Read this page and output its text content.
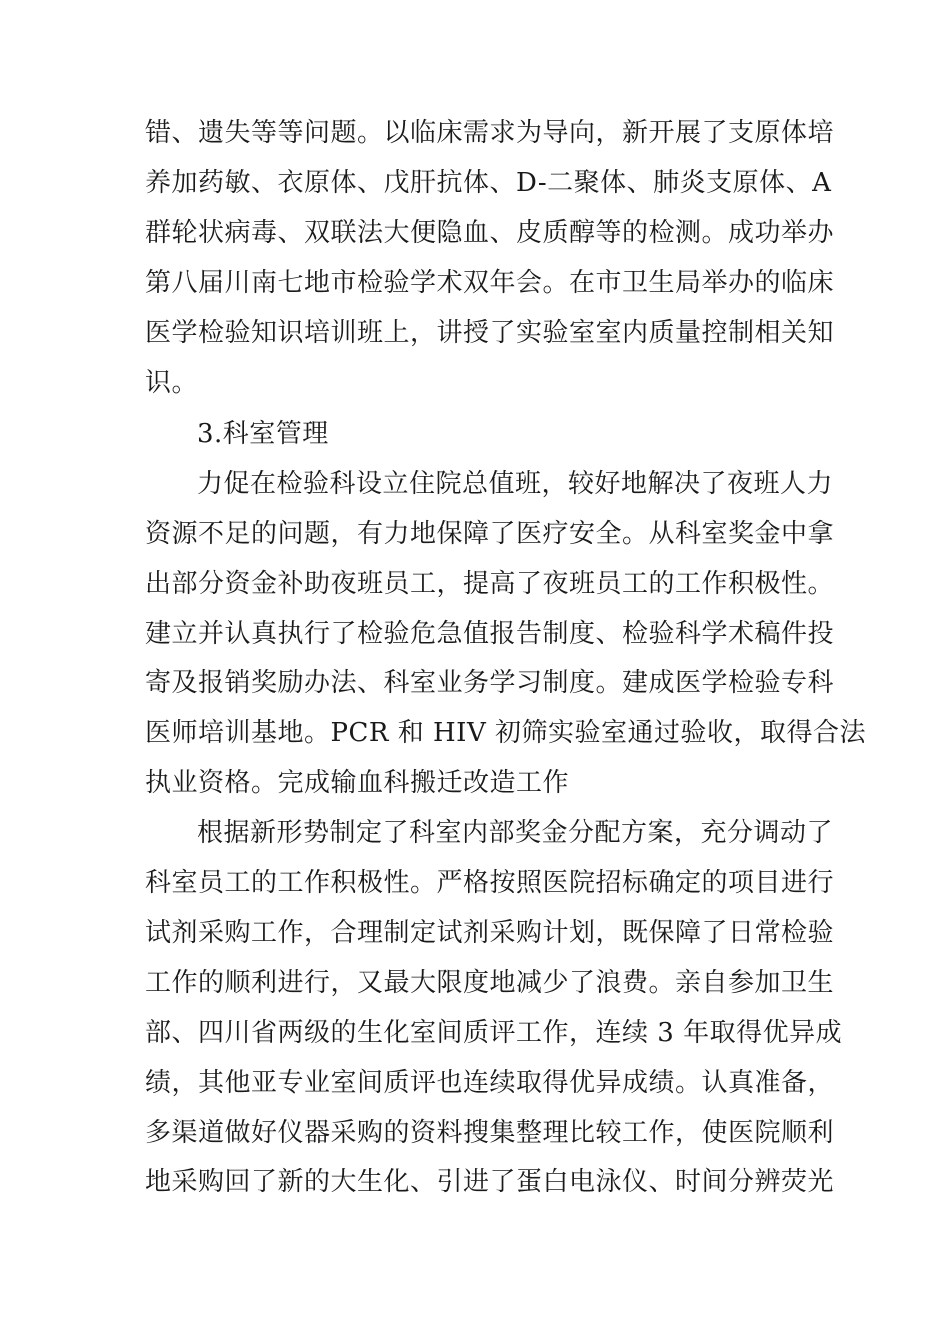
错、遗失等等问题。以临床需求为导向，新开展了支原体培
养加药敏、衣原体、戊肝抗体、D-二聚体、肺炎支原体、A
群轮状病毒、双联法大便隐血、皮质醇等的检测。成功举办
第八届川南七地市检验学术双年会。在市卫生局举办的临床
医学检验知识培训班上，讲授了实验室室内质量控制相关知
识。
3.科室管理
力促在检验科设立住院总值班，较好地解决了夜班人力
资源不足的问题，有力地保障了医疗安全。从科室奖金中拿
出部分资金补助夜班员工，提高了夜班员工的工作积极性。
建立并认真执行了检验危急值报告制度、检验科学术稿件投
寄及报销奖励办法、科室业务学习制度。建成医学检验专科
医师培训基地。PCR 和 HIV 初筛实验室通过验收，取得合法
执业资格。完成输血科搬迁改造工作
根据新形势制定了科室内部奖金分配方案，充分调动了
科室员工的工作积极性。严格按照医院招标确定的项目进行
试剂采购工作，合理制定试剂采购计划，既保障了日常检验
工作的顺利进行，又最大限度地减少了浪费。亲自参加卫生
部、四川省两级的生化室间质评工作，连续 3 年取得优异成
绩，其他亚专业室间质评也连续取得优异成绩。认真准备，
多渠道做好仪器采购的资料搜集整理比较工作，使医院顺利
地采购回了新的大生化、引进了蛋白电泳仪、时间分辨荧光
